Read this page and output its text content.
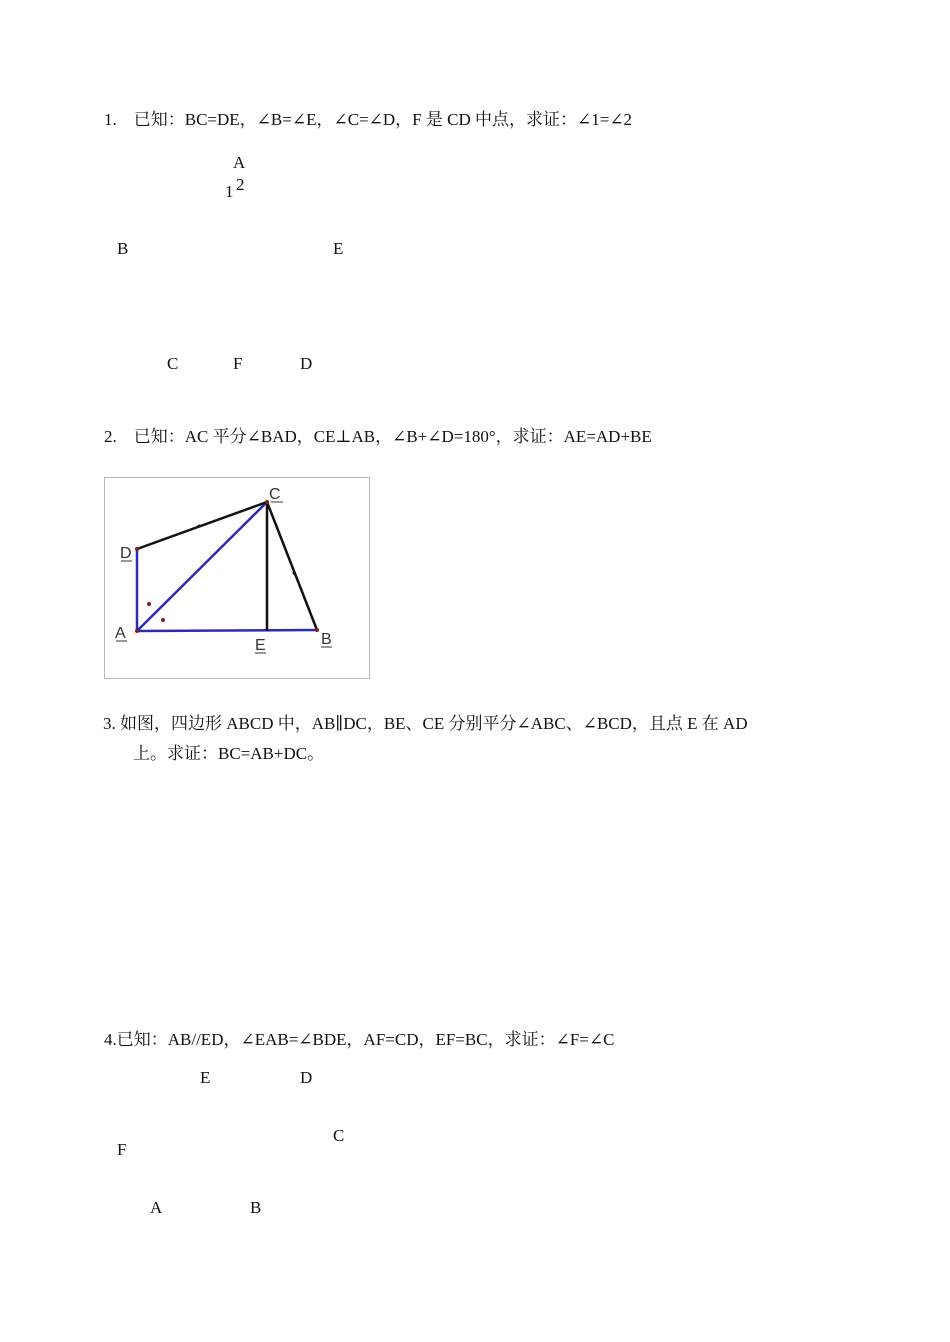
1.　已知：BC=DE，∠B=∠E，∠C=∠D，F 是 CD 中点，求证：∠1=∠2
A
1 2
B	E
C	F	D
2.　已知：AC 平分∠BAD，CE⊥AB，∠B+∠D=180°，求证：AE=AD+BE
C
D
A
E	B
3. 如图，四边形 ABCD 中，AB∥DC，BE、CE 分别平分∠ABC、∠BCD，且点 E 在 AD
上。求证：BC=AB+DC。
4.已知：AB//ED，∠EAB=∠BDE，AF=CD，EF=BC，求证：∠F=∠C
E	D
C
F
A	B
